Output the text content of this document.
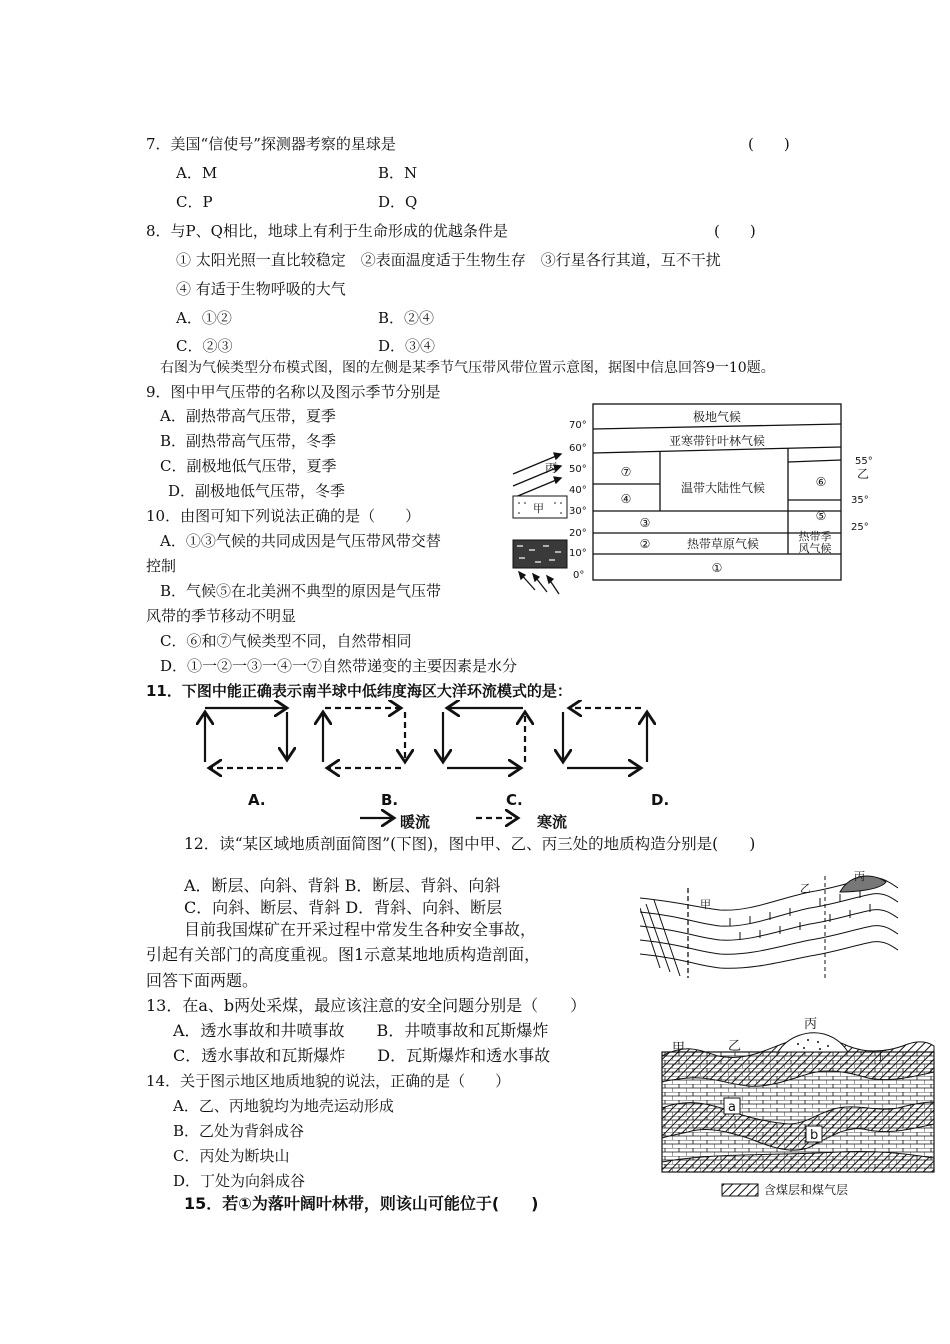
7．美国“信使号”探测器考察的星球是	(　　)
A．M	B．N
C．P	D．Q
8．与P、Q相比，地球上有利于生命形成的优越条件是	(　　)
① 太阳光照一直比较稳定　②表面温度适于生物生存　③行星各行其道，互不干扰
④ 有适于生物呼吸的大气
A．①②	B．②④
C．②③	D．③④
右图为气候类型分布模式图，图的左侧是某季节气压带风带位置示意图，据图中信息回答9一10题。
9．图中甲气压带的名称以及图示季节分别是
A．副热带高气压带，夏季
B．副热带高气压带，冬季
C．副极地低气压带，夏季
D．副极地低气压带，冬季
10．由图可知下列说法正确的是（　　）
A．①③气候的共同成因是气压带风带交替
控制
B．气候⑤在北美洲不典型的原因是气压带
风带的季节移动不明显
C．⑥和⑦气候类型不同，自然带相同
D．①一②一③一④一⑦自然带递变的主要因素是水分
70°
60°
50°
40°
30°
20°
10°
0°
55°
乙
35°
25°
极地气候
亚寒带针叶林气候
温带大陆性气候
热带草原气候
热带季
风气候
①
②
③
④
⑤
⑥
⑦
丙
甲
11．下图中能正确表示南半球中低纬度海区大洋环流模式的是：
A.	B.	C.	D.
暖流	寒流
12．读“某区域地质剖面简图”(下图)，图中甲、乙、丙三处的地质构造分别是(　　)
A．断层、向斜、背斜 B．断层、背斜、向斜
C．向斜、断层、背斜 D．背斜、向斜、断层	甲
乙
丙
目前我国煤矿在开采过程中常发生各种安全事故，
引起有关部门的高度重视。图1示意某地地质构造剖面，
回答下面两题。
13．在a、b两处采煤，最应该注意的安全问题分别是（　　）
A．透水事故和井喷事故　　B．井喷事故和瓦斯爆炸
C．透水事故和瓦斯爆炸　　D．瓦斯爆炸和透水事故
14．关于图示地区地质地貌的说法，正确的是（　　）
A．乙、丙地貌均为地壳运动形成
B．乙处为背斜成谷
C．丙处为断块山
D．丁处为向斜成谷
甲	乙
丙
丁
a
b
含煤层和煤气层
15．若①为落叶阔叶林带，则该山可能位于(　　)
